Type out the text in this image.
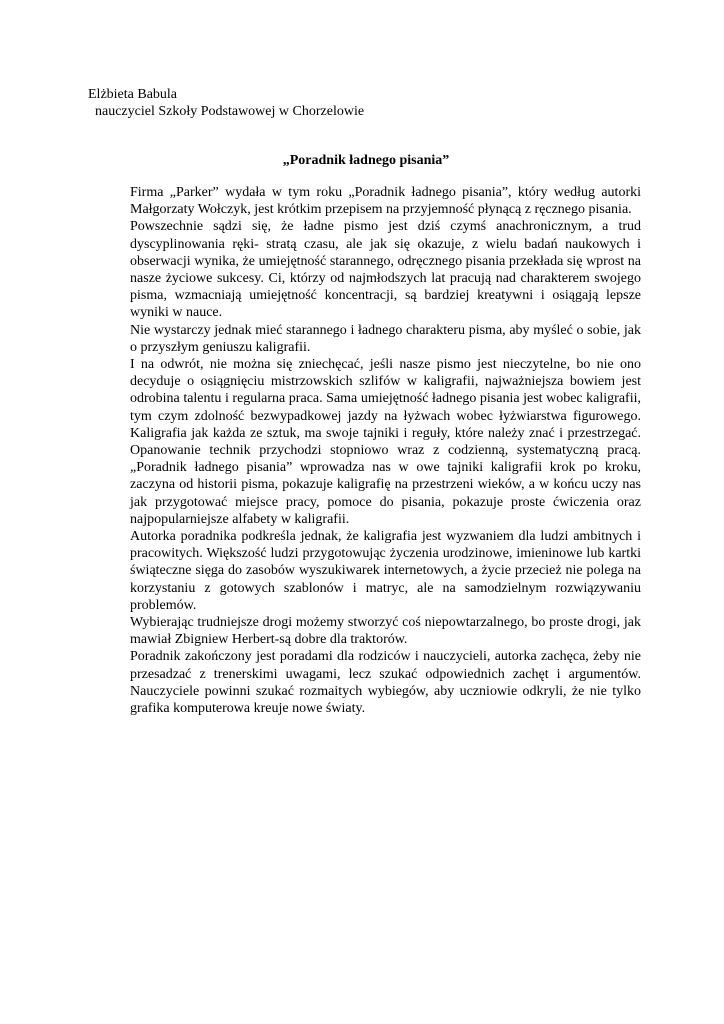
Elżbieta Babula
nauczyciel Szkoły Podstawowej w Chorzelowie
„Poradnik ładnego pisania”

Firma „Parker” wydała w tym roku „Poradnik ładnego pisania”, który według autorki Małgorzaty Wołczyk, jest krótkim przepisem na przyjemność płynącą z ręcznego pisania.

Powszechnie sądzi się, że ładne pismo jest dziś czymś anachronicznym, a trud dyscyplinowania ręki- stratą czasu, ale jak się okazuje, z wielu badań naukowych i obserwacji wynika, że umiejętność starannego, odręcznego pisania przekłada się wprost na nasze życiowe sukcesy. Ci, którzy od najmłodszych lat pracują nad charakterem swojego pisma, wzmacniają umiejętność koncentracji, są bardziej kreatywni i osiągają lepsze wyniki w nauce.

Nie wystarczy jednak mieć starannego i ładnego charakteru pisma, aby myśleć o sobie, jak o przyszłym geniuszu kaligrafii.

I na odwrót, nie można się zniechęcać, jeśli nasze pismo jest nieczytelne, bo nie ono decyduje o osiągnięciu mistrzowskich szlifów w kaligrafii, najważniejsza bowiem jest odrobina talentu i regularna praca. Sama umiejętność ładnego pisania jest wobec kaligrafii, tym czym zdolność bezwypadkowej jazdy na łyżwach wobec łyżwiarstwa figurowego. Kaligrafia jak każda ze sztuk, ma swoje tajniki i reguły, które należy znać i przestrzegać. Opanowanie technik przychodzi stopniowo wraz z codzienną, systematyczną pracą. „Poradnik ładnego pisania” wprowadza nas w owe tajniki kaligrafii krok po kroku, zaczyna od historii pisma, pokazuje kaligrafię na przestrzeni wieków, a w końcu uczy nas jak przygotować miejsce pracy, pomoce do pisania, pokazuje proste ćwiczenia oraz najpopularniejsze alfabety w kaligrafii.

Autorka poradnika podkreśla jednak, że kaligrafia jest wyzwaniem dla ludzi ambitnych i pracowitych. Większość ludzi przygotowując życzenia urodzinowe, imieninowe lub kartki świąteczne sięga do zasobów wyszukiwarek internetowych, a życie przecież nie polega na korzystaniu z gotowych szablonów i matryc, ale na samodzielnym rozwiązywaniu problemów.

Wybierając trudniejsze drogi możemy stworzyć coś niepowtarzalnego, bo proste drogi, jak mawiał Zbigniew Herbert-są dobre dla traktorów.

Poradnik zakończony jest poradami dla rodziców i nauczycieli, autorka zachęca, żeby nie przesadzać z trenerskimi uwagami, lecz szukać odpowiednich zachęt i argumentów. Nauczyciele powinni szukać rozmaitych wybiegów, aby uczniowie odkryli, że nie tylko grafika komputerowa kreuje nowe światy.
